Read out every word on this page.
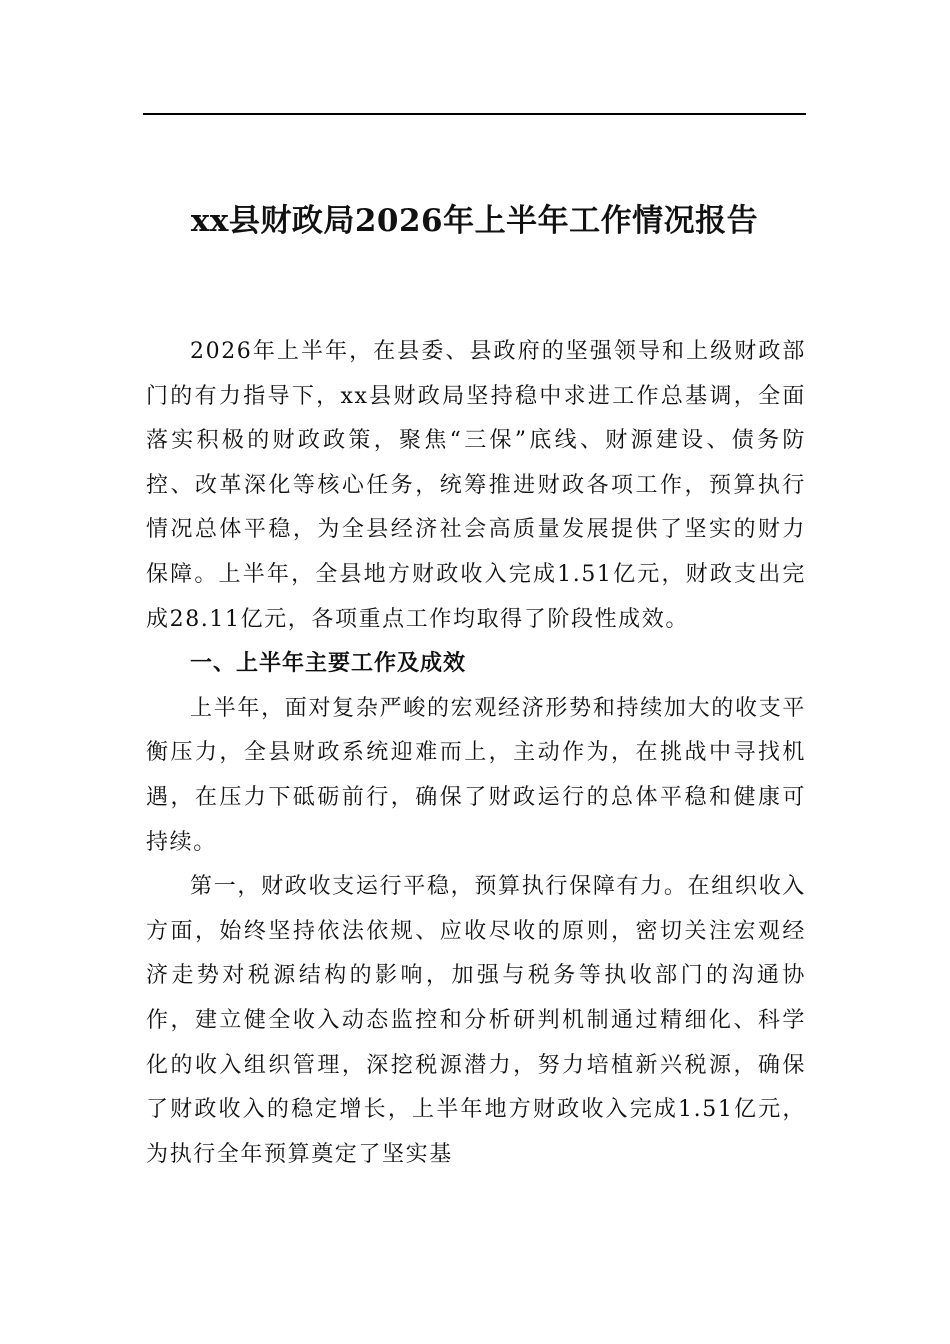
xx县财政局2026年上半年工作情况报告

2026年上半年，在县委、县政府的坚强领导和上级财政部门的有力指导下，xx县财政局坚持稳中求进工作总基调，全面落实积极的财政政策，聚焦“三保”底线、财源建设、债务防控、改革深化等核心任务，统筹推进财政各项工作，预算执行情况总体平稳，为全县经济社会高质量发展提供了坚实的财力保障。上半年，全县地方财政收入完成1.51亿元，财政支出完成28.11亿元，各项重点工作均取得了阶段性成效。

一、上半年主要工作及成效

上半年，面对复杂严峻的宏观经济形势和持续加大的收支平衡压力，全县财政系统迎难而上，主动作为，在挑战中寻找机遇，在压力下砥砺前行，确保了财政运行的总体平稳和健康可持续。

第一，财政收支运行平稳，预算执行保障有力。在组织收入方面，始终坚持依法依规、应收尽收的原则，密切关注宏观经济走势对税源结构的影响，加强与税务等执收部门的沟通协作，建立健全收入动态监控和分析研判机制通过精细化、科学化的收入组织管理，深挖税源潜力，努力培植新兴税源，确保了财政收入的稳定增长，上半年地方财政收入完成1.51亿元，为执行全年预算奠定了坚实基
